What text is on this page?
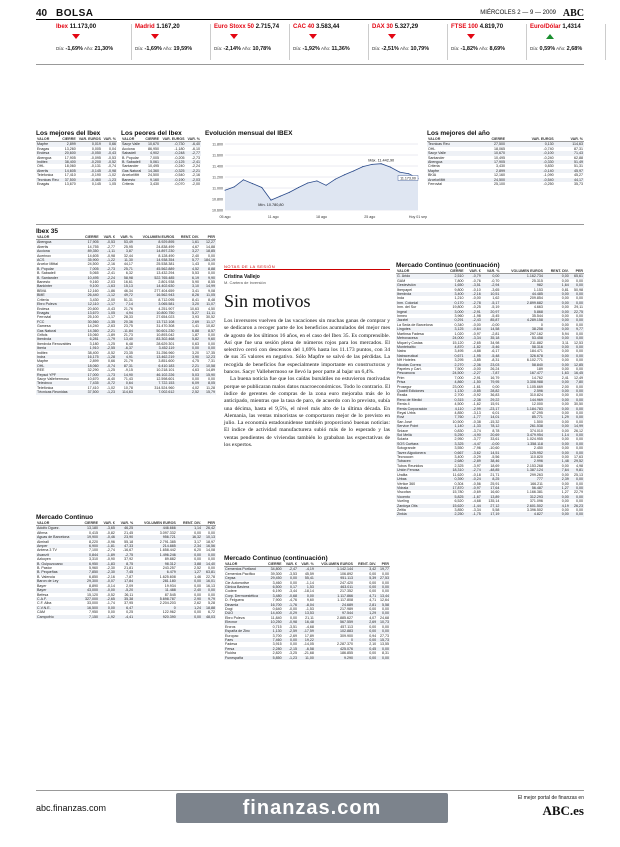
40 BOLSA	MIÉRCOLES 2 — 9 — 2009 ABC
Ibex 11.173,00
Día: -1,69% Año: 21,30%
Madrid 1.167,20
Día: -1,69% Año: 19,59%
Euro Stoxx 50 2.715,74
Día: -2,14% Año: 10,78%
CAC 40 3.583,44
Día: -1,92% Año: 11,36%
DAX 30 5.327,29
Día: -2,51% Año: 10,79%
FTSE 100 4.819,70
Día: -1,82% Año: 8,69%
Euro/Dólar 1,4314
Día: 0,59% Año: 2,68%
Los mejores del Ibex
VALOR	CIERRE	VAR. EUROS	VAR. %
Mapfre	2,899	0,019	0,66
Enagas	13,260	0,005	0,04
Endesa	20,600	-0,050	-0,43
Abengoa	17,905	-0,095	-0,53
Inditex	38,400	-0,200	-0,52
OHL	18,060	-0,131	-0,74
Abertis	14,605	-0,145	-0,98
Telefonica	17,410	-0,190	-1,02
Tecnicas Reu	37,500	-0,460	-1,23
Enagás	13,670	0,145	1,05
Los peores del Ibex
VALOR	CIERRE	VAR. EUROS	VAR. %
Sacyr Valle	10,670	-0,730	-6,40
Acciona	86,950	-1,180	-6,10
Sabadell	4,902	-0,248	-2,77
B. Popular	7,005	-0,205	-2,73
B. Sabadell	5,061	-0,125	-2,41
Santander	10,495	-0,240	-2,24
Gas Natural	14,360	-0,325	-2,21
ArcelorMitt	24,500	-0,540	-2,16
Banesto	9,160	-0,190	-2,03
Criteria	3,430	-0,070	-2,00
Evolución mensual del IBEX
10.600
10.800
11.000
11.200
11.400
11.600
11.800
05 ago	11 ago	18 ago	25 ago	Hoy 01 sep
Máx. 11.442,90
Mín. 10.780,80
11.173,00
Los mejores del año
VALOR	CIERRE	VAR. EUROS	VAR. %
Tecnicas Reu	27,500	0,130	114,63
OHL	18,065	-0,740	87,31
Sacyr Valle	10,670	-0,100	71,43
Santander	10,495	-0,240	62,88
Abengoa	17,905	-0,330	51,49
Criteria	3,430	0,830	51,31
Mapfre	2,899	-0,140	45,97
BKIA	12,160	-1,090	45,27
ArcelorMitt	24,500	-0,540	44,17
Ferrovial	25,100	-0,250	35,73
Ibex 35
VALOR	CIERRE	VAR. €	VAR. %	VOLUMEN EUROS	RENT. DIV.	PER
Abengoa	17,905	-0,53	53,49	8.929.895	1,61	12,27
Abertis	14,755	-2,77	25,95	24.838.499	4,67	14,88
Acciona	89,350	-1,11	3,87	14.897.230	3,27	18,85
Acerinox	14,605	-0,98	32,44	8.128.490	2,40	0,00
ACS	35,900	-1,22	11,30	14.938.354	5,77	184,19
Arcelor Mittal	24,500	-2,16	44,17	25.538.381	1,43	0,00
B. Popular	7,005	-2,73	25,71	45.562.889	4,52	8,88
B. Sabadell	5,065	-2,41	6,32	13.432.294	5,53	0,00
B. Santander	10,495	-2,24	58,98	522.765.485	6,19	9,90
Banesto	9,160	-2,03	16,61	2.801.938	5,90	8,55
Bankinter	9,100	-1,63	15,13	14.402.630	3,10	14,99
BBVA	12,160	-1,86	46,34	277.404.659	3,41	9,08
BME	26,440	-1,12	49,72	16.562.943	8,26	11,05
Critería	3,430	-2,00	51,31	8.712.095	8,41	8,48
Ebro Puleva	12,110	-1,17	7,14	3.065.581	3,20	11,07
Endesa	20,600	-0,43	21,76	4.251.907	10,63	4,50
Enagás	13,670	1,05	4,94	10.800.750	5,27	11,11
Ferrovial	25,100	-1,17	28,33	27.654.023	3,93	30,52
FCC	30,560	-1,35	20,36	13.712.108	2,69	11,17
Gamesa	14,240	-2,63	23,75	31.470.308	1,41	10,82
Gas Natural	14,360	-2,21	-11,84	50.601.230	6,88	8,57
Grifols	15,060	-1,89	21,73	10.893.042	1,87	0,00
Iberdrola	6,281	-1,79	13,40	83.302.468	5,82	9,60
Iberdrola Renovables	3,180	-1,25	6,48	28.629.301	0,63	0,00
Iberia	1,910	-2,55	-6,37	3.452.119	0,00	0,00
Inditex	38,400	-0,52	23,35	31.256.960	3,20	17,35
Indra	16,175	-1,28	4,91	13.462.219	3,90	12,23
Mapfre	2,899	0,66	21,79	3.851.600	4,75	7,31
OHL	18,060	-0,74	87,31	6.410.183	2,21	10,58
REE	32,290	-1,25	-9,15	10.218.101	4,63	14,89
Repsol YPF	17,000	-1,73	14,90	46.102.226	5,03	15,90
Sacyr Vallehermoso	10,670	-6,40	71,43	12.598.601	0,00	0,00
Telecinco	7,435	-0,72	0,64	7.722.153	6,09	8,05
Telefónica	17,410	-1,02	10,78	314.524.960	4,02	11,28
Técnicas Reunidas	37,500	-1,23	114,63	7.002.612	2,52	15,79
Mercado Continuo
VALOR	CIERRE	VAR. €	VAR. %	VOLUMEN EUROS	RENT. DIV.	PER
Adolfo Dguez.	13,180	-3,65	46,25	446.666	1,14	26,42
Afirma	0,415	-0,82	21,45	3.097.332	0,00	0,00
Aguas de Barcelona	19,900	-0,46	23,90	956.721	16,32	10,13
Almirall	8,220	-0,96	55,18	2.791.385	3,17	18,97
Amper	6,900	-1,81	47,33	214.885	2,34	16,56
Antena 3 TV	7,100	-2,74	-16,67	1.658.442	6,20	14,08
Avanzit	0,844	-1,89	-2,75	1.496.246	0,00	0,00
Azkoyen	3,310	-0,90	37,92	89.882	0,00	0,00
B. Guipuzcoano	6,950	-1,83	8,75	98.312	3,88	14,40
B. Pastor	5,960	-2,30	21,81	243.257	2,52	0,00
B. Pequeñas	7,850	-2,30	7,45	6.479	1,27	63,81
B. Valencia	6,850	-2,16	-7,87	1.625.608	1,46	22,78
Baron de Ley	29,300	-0,07	17,84	281.180	0,00	16,01
Bayer	8,890	-0,14	2,09	19.934	0,00	16,13
Bayer	43,000	-0,00	-5,20	11.488	2,40	0,00
Befesa	15,120	-0,52	26,11	87.545	0,00	0,00
C.A.F.	327,000	-2,65	35,38	5.698.787	2,90	9,79
C.F. Alba	33,000	-1,74	37,95	2.204.203	2,62	5,28
C.V.N.E.	16,500	0,00	6,47	0	1,24	18,88
CAM	7,950	0,00	0,25	122.962	0,00	6,72
Campofrío	7,150	-1,92	-4,41	920.390	0,00	48,03
NOTAS DE LA SESIÓN
Cristina Vallejo
M. Cartera de Inversión
Sin motivos

Los inversores vuelven de las vacaciones sin muchas ganas de comprar y se dedicaron a recoger parte de los beneficios acumulados del mejor mes de agosto de los últimos 16 años, en el caso del Ibex 35. Es comprensible. Así que fue una sesión plena de números rojos para los mercados. El selectivo cerró con descensos del 1,69% hasta los 11.173 puntos, con 34 de sus 35 valores en negativo. Sólo Mapfre se salvó de las pérdidas. La recogida de beneficios fue especialmente importante en constructoras y bancos. Sacyr Vallehermoso se llevó la peor parte al bajar un 6,4%.

La buena noticia fue que los caídas bursátiles no estuvieron motivadas porque se publicaran malos datos macroeconómicos. Todo lo contrario. El índice de gerentes de compras de la zona euro mejoraba más de lo anticipado, mientras que la tasa de paro, de acuerdo con lo previsto, subía una décima, hasta el 9,5%, el nivel más alto de la última década. En Alemania, las ventas minoristas se comportaron mejor de lo previsto en julio. La economía estadounidense también proporcionó buenas noticias: El índice de actividad manufacturera subió más de lo esperado y las ventas pendientes de viviendas también lo grababan las expectativas de los expertos.

Mercado Continuo (continuación)
VALOR	CIERRE	VAR. €	VAR. %	VOLUMEN EUROS	RENT. DIV.	PER
Cementos Portland	34,800	-2,47	-4,19	1.142.144	3,42	19,77
Cementos Pacífico	39,300	-3,53	45,59	106.892	0,00	0,00
Cepsa	29,450	0,00	55,41	951.113	5,39	27,53
Cie Automotive	3,460	0,00	-1,14	247.420	0,00	0,00
Clínica Baviera	6,500	0,17	1,53	463.011	0,00	0,00
Codere	6,190	-3,44	-18,14	217.352	0,00	0,00
Corp. Dermoestética	3,480	-0,68	0,00	1.117.866	4,71	13,44
D. Felguera	7,900	-4,76	9,60	1.117.808	4,71	12,64
Dinamia	16,700	-1,76	-8,04	24.689	2,81	5,58
Dogi	0,640	-0,00	-1,53	217.989	0,00	0,00
DUO	14,400	-0,29	13,53	97.544	1,29	0,00
Ebro Puleva	11,840	0,00	21,11	2.885.627	4,07	24,68
Elecnor	10,250	-0,98	16,48	567.559	2,69	10,73
Ercros	0,715	-3,51	-4,68	457.113	0,00	0,00
España de Zinc	1,130	-2,59	-17,59	102.883	0,00	0,00
Europac	3,700	-2,69	17,89	309.900	0,94	27,73
Faes	7,460	0,00	19,22	0	0,00	15,73
Fadesa	3,915	0,00	-14,05	2.287.370	2,10	13,55
Fersa	2,280	-2,15	-6,58	425.076	0,45	0,00
Fluidra	2,820	-3,25	-21,68	186.855	0,00	8,31
Funespaña	5,850	-1,23	11,00	9.290	0,00	0,00
Mercado Continuo (continuación)
VALOR	CIERRE	VAR. €	VAR. %	VOLUMEN EUROS	RENT. DIV.	PER
G. Árido	2,510	-0,79	0,00	1.162.734	0,00	65,61
GAM	7,800	-0,76	-0,70	25.315	0,00	0,00
Gestevisión	1,650	-3,51	-2,94	982	1,64	0,00
Iberpapel	9,800	-0,10	-3,65	1.153	0,81	50,98
Iberdrola	3,400	-2,16	10,51	44.485	0,00	0,00
Inda	1,210	-0,00	1,62	209.854	0,00	0,00
Inm. Colonial	0,170	-2,78	-5,17	2.899.682	0,00	0,00
Inm. del Sur	19,800	-0,25	-5,19	4.663	0,00	29,11
Ingeal	3,000	-2,91	20,97	5.868	0,00	22,75
Inmeo	3,960	-1,98	-5,45	35.544	0,00	0,00
Jazztel	0,291	-2,43	85,87	4.289.158	0,00	0,00
La Seda de Barcelona	0,340	-0,00	-0,00	0	0,00	0,00
Lingotes	3,125	-0,64	14,58	38.258	0,00	9,77
Martinsa Fadesa	1,020	-0,97	-2,81	297.162	5,94	0,00
Metrovacesa	24,000	-3,34	35,18	53.458	0,00	0,00
Miquel y Costas	15,120	-2,65	34,98	211.882	3,11	12,53
Montebalito	4,870	-1,82	-5,46	58.316	0,00	0,00
Natra	3,495	-4,88	-6,17	184.471	0,00	0,00
Natraceutical	0,671	-1,95	-5,48	326.678	0,00	0,00
NH Hoteles	3,295	-3,85	-8,31	6.102.771	0,00	0,00
Nicolás Correa	2,270	-2,36	23,03	58.840	0,00	12,85
Papeles y Cart.	7,500	-0,00	26,24	189	0,00	0,00
Pescanova	24,500	-2,27	-7,87	167.477	1,63	16,45
Prim	7,000	-2,91	16,79	14.762	2,41	12,49
Prisa	4,860	-1,50	79,95	3.308.988	0,00	7,80
Prosegur	23,000	-1,61	0,00	1.105.669	2,00	0,00
Quabit Ediciones	1,130	-0,85	28,82	2.596	0,00	0,00
Realia	2,700	-0,92	36,83	310.824	0,00	0,00
Reno de Medici	0,315	-2,38	29,22	144.969	0,00	0,00
Renta 4	4,500	-1,62	15,91	12.000	0,00	30,50
Renta Corporación	4,110	-2,99	-23,17	1.184.783	0,00	0,00
Reyal Urbis	4,850	-3,13	6,01	47.295	0,00	0,00
Rovi	7,760	-1,77	14,01	85.771	1,29	0,00
San José	10,500	-0,38	-15,32	1.500	0,00	0,00
Service Point	1,140	-1,33	78,12	261.538	0,00	14,99
Sniace	0,830	-3,74	8,78	374.010	0,00	26,12
Sol Meliá	5,250	-4,90	20,69	3.479.954	1,14	0,00
Solaria	2,950	-3,77	33,61	1.024.955	0,00	0,00
SOS Cuétara	3,325	-4,47	-0,00	1.358.118	0,00	0,00
Sotogrande	3,550	-7,96	-10,60	2.450	0,00	0,00
Tavex Algodonera	0,667	-3,62	14,51	125.952	0,00	0,00
Tecnocom	3,400	-0,29	-5,56	110.820	0,00	17,63
Tubacex	2,680	-2,89	38,46	2.996	1,48	29,52
Tubos Reunidos	2,325	-3,97	18,69	2.153.268	0,00	4,98
Unión Fenosa	18,310	-2,74	-48,85	1.387.124	7,64	9,81
Uralita	11,620	-0,18	21,71	299.263	0,00	25,13
Urbas	0,390	-0,24	8,25	777	2,39	0,00
Vértice 360	0,304	-0,56	25,91	166.211	0,00	0,00
Vidrala	17,870	-0,97	17,64	56.487	1,27	0,00
Viscofan	15,780	-0,69	16,60	1.166.381	1,27	22,79
Vocento	5,825	-1,67	13,89	312.293	0,00	0,00
Vueling	6,520	-4,68	135,14	371.096	0,00	0,00
Zardoya Otis	15,620	-1,44	27,12	2.601.502	4,19	26,23
Zeltia	3,850	-3,34	5,58	3.396.502	0,00	0,00
Zinkia	2,250	-1,75	17,19	4.827	0,00	0,00
abc.finanzas.com	finanzas.com	El mejor portal de finanzas en
ABC.es
